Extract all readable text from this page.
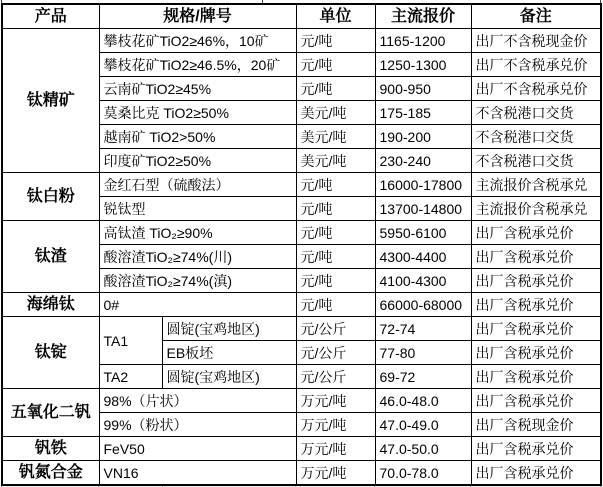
产品	规格/牌号		单位	主流报价	备注
钛精矿	攀枝花矿TiO2≥46%，10矿		元/吨	1165-1200	出厂不含税现金价
	攀枝花矿TiO2≥46.5%，20矿		元/吨	1250-1300	出厂不含税承兑价
	云南矿TiO2≥45%		元/吨	900-950	出厂不含税承兑价
	莫桑比克 TiO2≥50%		美元/吨	175-185	不含税港口交货
	越南矿 TiO2>50%		美元/吨	190-200	不含税港口交货
	印度矿TiO2≥50%		美元/吨	230-240	不含税港口交货
钛白粉	金红石型（硫酸法）		元/吨	16000-17800	主流报价含税承兑
	锐钛型		元/吨	13700-14800	主流报价含税承兑
钛渣	高钛渣 TiO₂≥90%		元/吨	5950-6100	出厂含税承兑价
	酸溶渣TiO₂≥74%(川)		元/吨	4300-4400	出厂含税承兑价
	酸溶渣TiO₂≥74%(滇)		元/吨	4100-4300	出厂含税承兑价
海绵钛	0#		元/吨	66000-68000	出厂含税承兑价
钛锭	TA1	圆锭(宝鸡地区)	元/公斤	72-74	出厂含税承兑价
		EB板坯	元/公斤	77-80	出厂含税承兑价
	TA2	圆锭(宝鸡地区)	元/公斤	69-72	出厂含税承兑价
五氧化二钒	98%（片状）		万元/吨	46.0-48.0	出厂含税承兑价
	99%（粉状）		万元/吨	47.0-49.0	出厂含税现金价
钒铁	FeV50		万元/吨	47.0-50.0	出厂含税承兑价
钒氮合金	VN16		万元/吨	70.0-78.0	出厂含税承兑价
